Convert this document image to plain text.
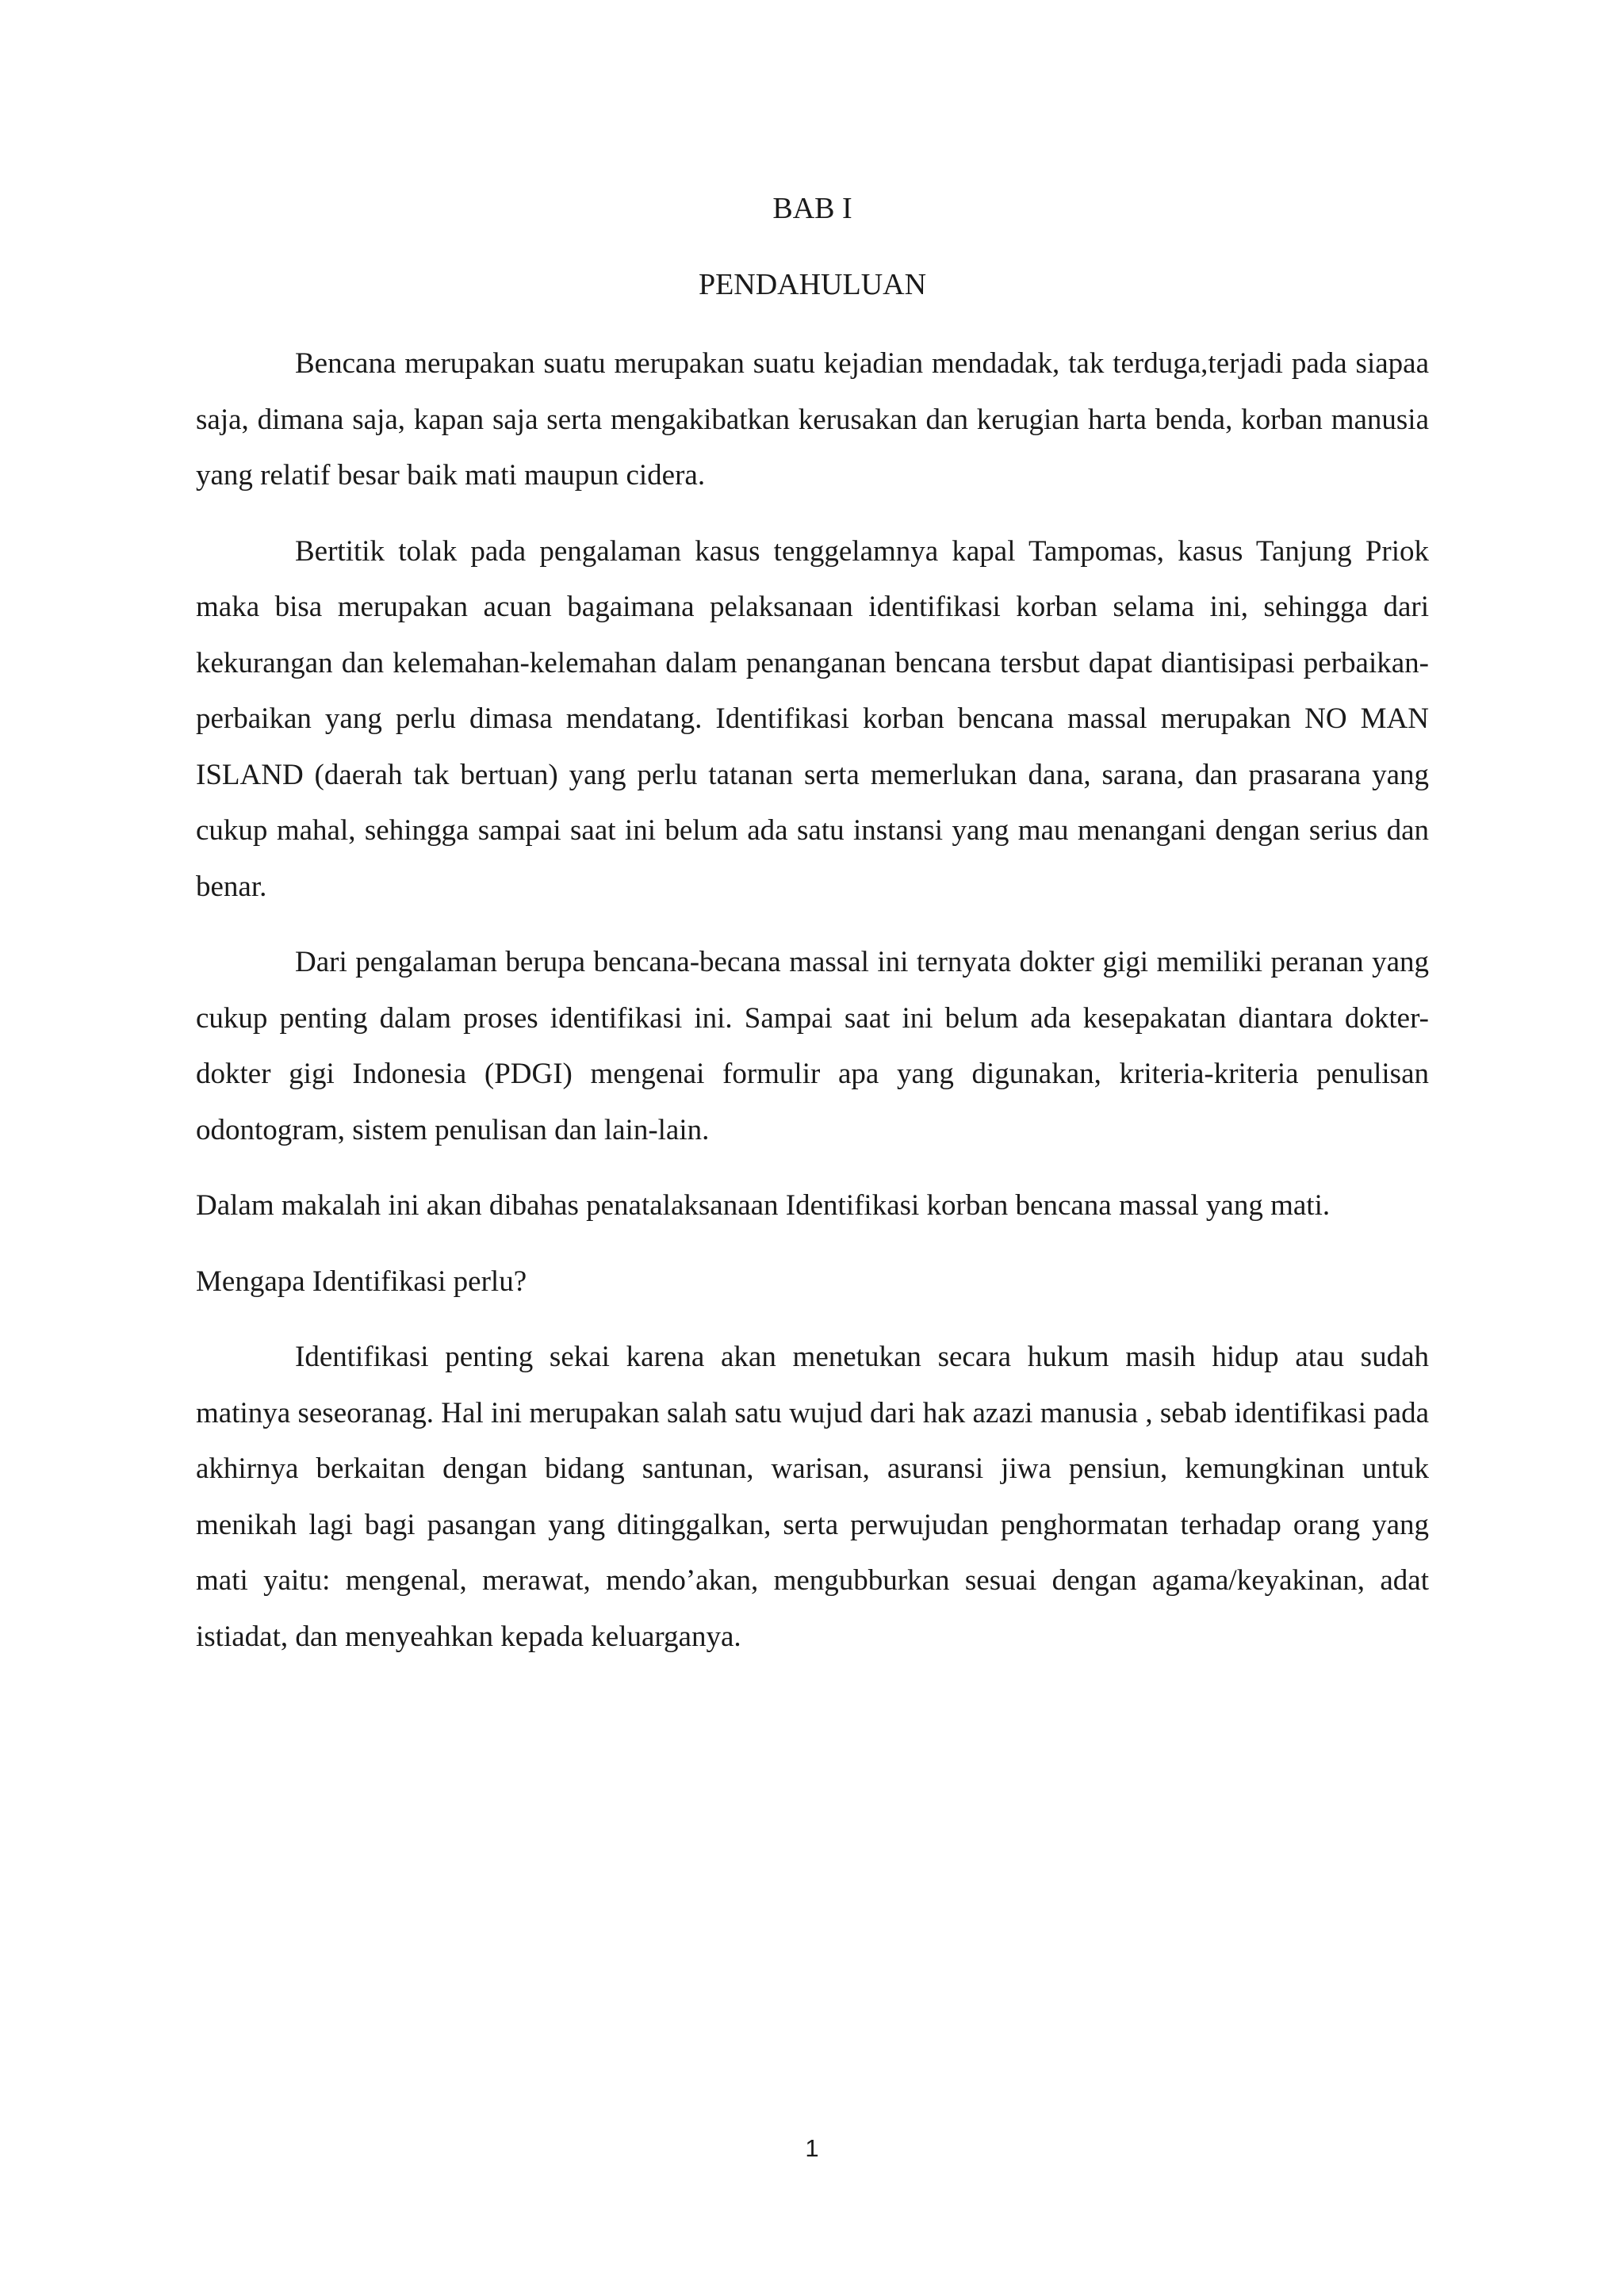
BAB I

PENDAHULUAN

Bencana merupakan suatu merupakan suatu kejadian mendadak, tak terduga,terjadi pada siapaa saja, dimana saja, kapan saja serta mengakibatkan kerusakan dan kerugian harta benda, korban manusia yang relatif besar baik mati maupun cidera.

Bertitik tolak pada pengalaman kasus tenggelamnya kapal Tampomas, kasus Tanjung Priok maka bisa merupakan acuan bagaimana pelaksanaan identifikasi korban selama ini, sehingga dari kekurangan dan kelemahan-kelemahan dalam penanganan bencana tersbut dapat diantisipasi perbaikan-perbaikan yang perlu dimasa mendatang. Identifikasi korban bencana massal merupakan NO MAN ISLAND (daerah tak bertuan) yang perlu tatanan serta memerlukan dana, sarana, dan prasarana yang cukup mahal, sehingga sampai saat ini belum ada satu instansi yang mau menangani dengan serius dan benar.

Dari pengalaman berupa bencana-becana massal ini ternyata dokter gigi memiliki peranan yang cukup penting dalam proses identifikasi ini. Sampai saat ini belum ada kesepakatan diantara dokter-dokter gigi Indonesia (PDGI) mengenai formulir apa yang digunakan, kriteria-kriteria penulisan odontogram, sistem penulisan dan lain-lain.

Dalam makalah ini akan dibahas penatalaksanaan Identifikasi korban bencana massal yang mati.

Mengapa Identifikasi perlu?

Identifikasi penting sekai karena akan menetukan secara hukum masih hidup atau sudah matinya seseoranag. Hal ini merupakan salah satu wujud dari hak azazi manusia , sebab identifikasi pada akhirnya berkaitan dengan bidang santunan, warisan, asuransi jiwa pensiun, kemungkinan untuk menikah lagi bagi pasangan yang ditinggalkan, serta perwujudan penghormatan terhadap orang yang mati yaitu: mengenal, merawat, mendo’akan, mengubburkan sesuai dengan agama/keyakinan, adat istiadat, dan menyeahkan kepada keluarganya.

1
